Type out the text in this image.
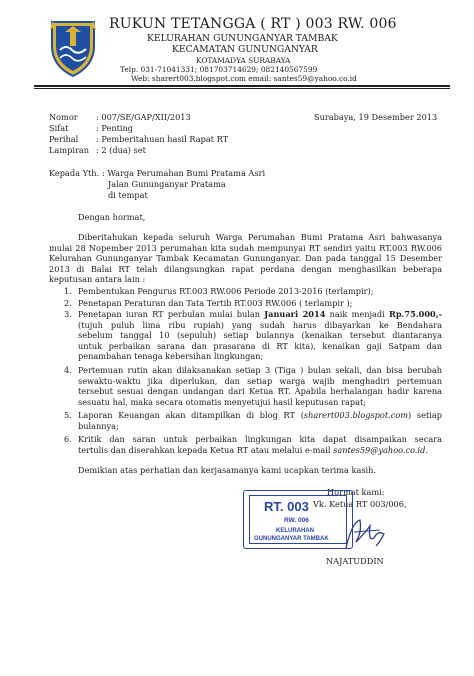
RUKUN TETANGGA ( RT ) 003 RW. 006
KELURAHAN GUNUNGANYAR TAMBAK
KECAMATAN GUNUNGANYAR
KOTAMADYA SURABAYA
Telp. 031-71041331; 081703714629; 082140567599
Web: sharert003.blogspot.com email: santes59@yahoo.co.id
Nomor : 007/SE/GAP/XII/2013	Surabaya, 19 Desember 2013
Sifat	: Penting
Perihal : Pemberitahuan hasil Rapat RT
Lampiran : 2 (dua) set
Kepada Yth. : Warga Perumahan Bumi Pratama Asri
Jalan Gununganyar Pratama
di tempat
Dengan hormat,
Diberitahukan kepada seluruh Warga Perumahan Bumi Pratama Asri bahwasanya
mulai 28 Nopember 2013 perumahan kita sudah mempunyai RT sendiri yaitu RT.003 RW.006
Kelurahan Gununganyar Tambak Kecamatan Gununganyar. Dan pada tanggal 15 Desember
2013 di Balai RT telah dilangsungkan rapat perdana dengan menghasilkan beberapa
keputusan antara lain :
1. Pembentukan Pengurus RT.003 RW.006 Periode 2013-2016 (terlampir);
2. Penetapan Peraturan dan Tata Tertib RT.003 RW.006 ( terlampir );
3. Penetapan iuran RT perbulan mulai bulan Januari 2014 naik menjadi Rp.75.000,-
(tujuh puluh lima ribu rupiah) yang sudah harus dibayarkan ke Bendahara
sebelum tanggal 10 (sepuluh) setiap bulannya (kenaikan tersebut diantaranya
untuk perbaikan sarana dan prasarana di RT kita), kenaikan gaji Satpam dan
penambahan tenaga kebersihan lingkungan;
4. Pertemuan rutin akan dilaksanakan setiap 3 (Tiga ) bulan sekali, dan bisa berubah
sewaktu-waktu jika diperlukan, dan setiap warga wajib menghadiri pertemuan
tersebut sesuai dengan undangan dari Ketua RT. Apabila berhalangan hadir karena
sesuatu hal, maka secara otomatis menyetujui hasil keputusan rapat;
5. Laporan Keuangan akan ditampilkan di blog RT (sharert003.blogspot.com) setiap
bulannya;
6. Kritik dan saran untuk perbaikan lingkungan kita dapat disampaikan secara
tertulis dan diserahkan kepada Ketua RT atau melalui e-mail santes59@yahoo.co.id.
Demikian atas perhatian dan kerjasamanya kami ucapkan terima kasih.
Hormat kami:
Vk. Ketua RT 003/006,
RT. 003
RW. 006
KELURAHAN
GUNUNGANYAR TAMBAK
NAJATUDDIN
